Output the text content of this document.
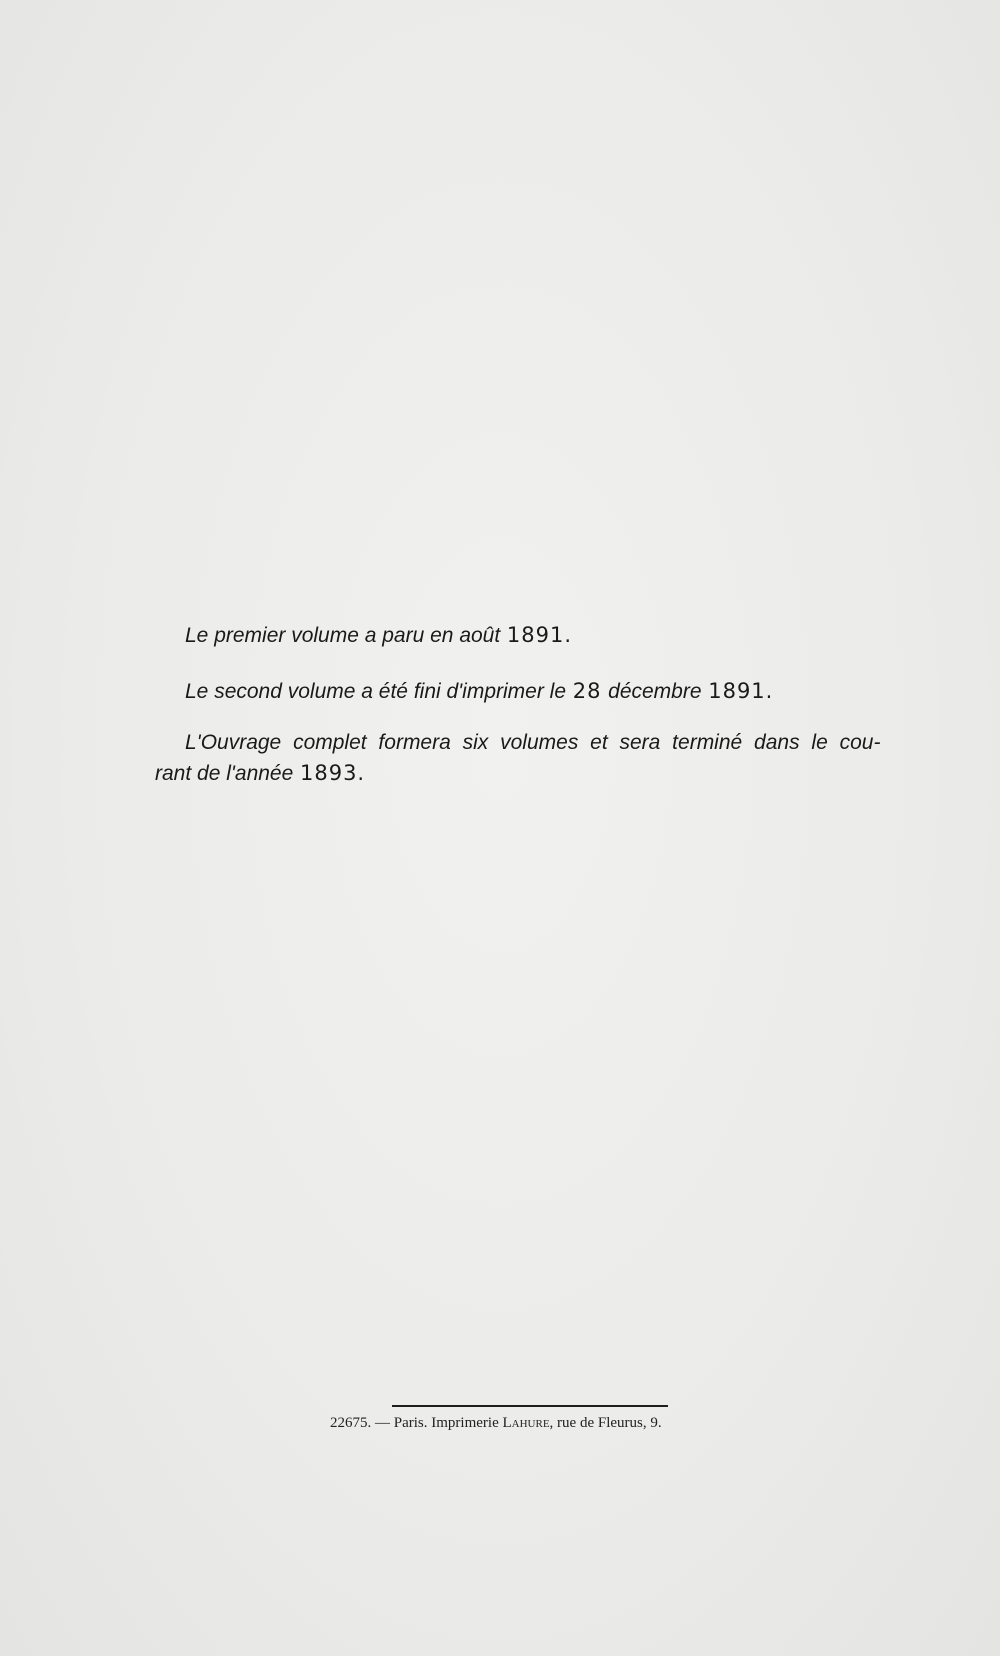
Le premier volume a paru en août 1891.

Le second volume a été fini d'imprimer le 28 décembre 1891.

L'Ouvrage complet formera six volumes et sera terminé dans le cou-

rant de l'année 1893.

22675. — Paris. Imprimerie Lahure, rue de Fleurus, 9.
